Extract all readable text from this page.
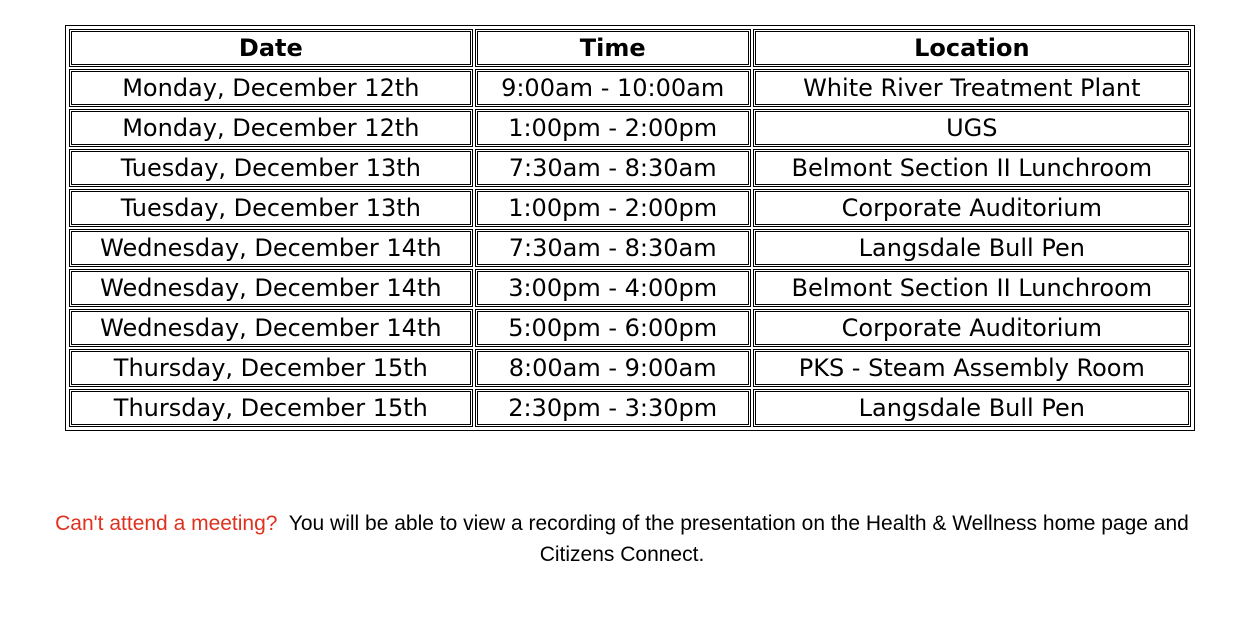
Date	Time	Location
Monday, December 12th	9:00am - 10:00am	White River Treatment Plant
Monday, December 12th	1:00pm - 2:00pm	UGS
Tuesday, December 13th	7:30am - 8:30am	Belmont Section II Lunchroom
Tuesday, December 13th	1:00pm - 2:00pm	Corporate Auditorium
Wednesday, December 14th	7:30am - 8:30am	Langsdale Bull Pen
Wednesday, December 14th	3:00pm - 4:00pm	Belmont Section II Lunchroom
Wednesday, December 14th	5:00pm - 6:00pm	Corporate Auditorium
Thursday, December 15th	8:00am - 9:00am	PKS - Steam Assembly Room
Thursday, December 15th	2:30pm - 3:30pm	Langsdale Bull Pen
Can't attend a meeting? You will be able to view a recording of the presentation on the Health & Wellness home page and Citizens Connect.
